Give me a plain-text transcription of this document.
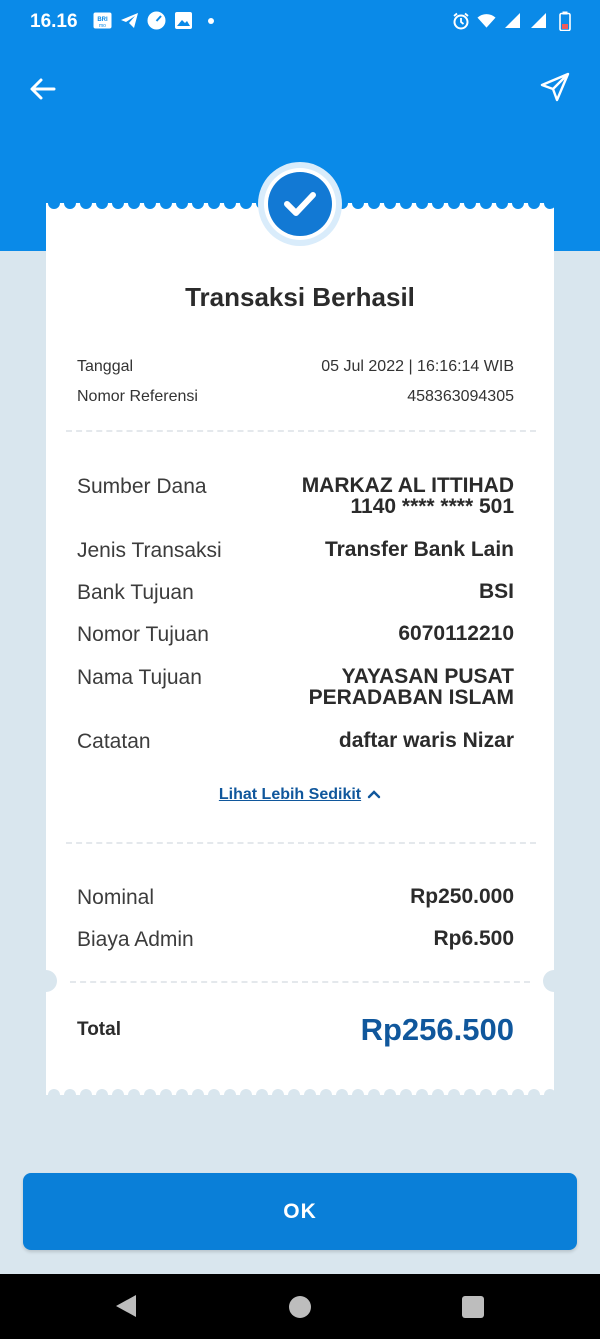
16.16	BRI
mo
Transaksi Berhasil
Tanggal	05 Jul 2022 | 16:16:14 WIB
Nomor Referensi	458363094305
Sumber Dana	MARKAZ AL ITTIHAD
1140 **** **** 501
Jenis Transaksi	Transfer Bank Lain
Bank Tujuan	BSI
Nomor Tujuan	6070112210
Nama Tujuan	YAYASAN PUSAT
PERADABAN ISLAM
Catatan	daftar waris Nizar
Lihat Lebih Sedikit
Nominal	Rp250.000
Biaya Admin	Rp6.500
Total	Rp256.500
OK
